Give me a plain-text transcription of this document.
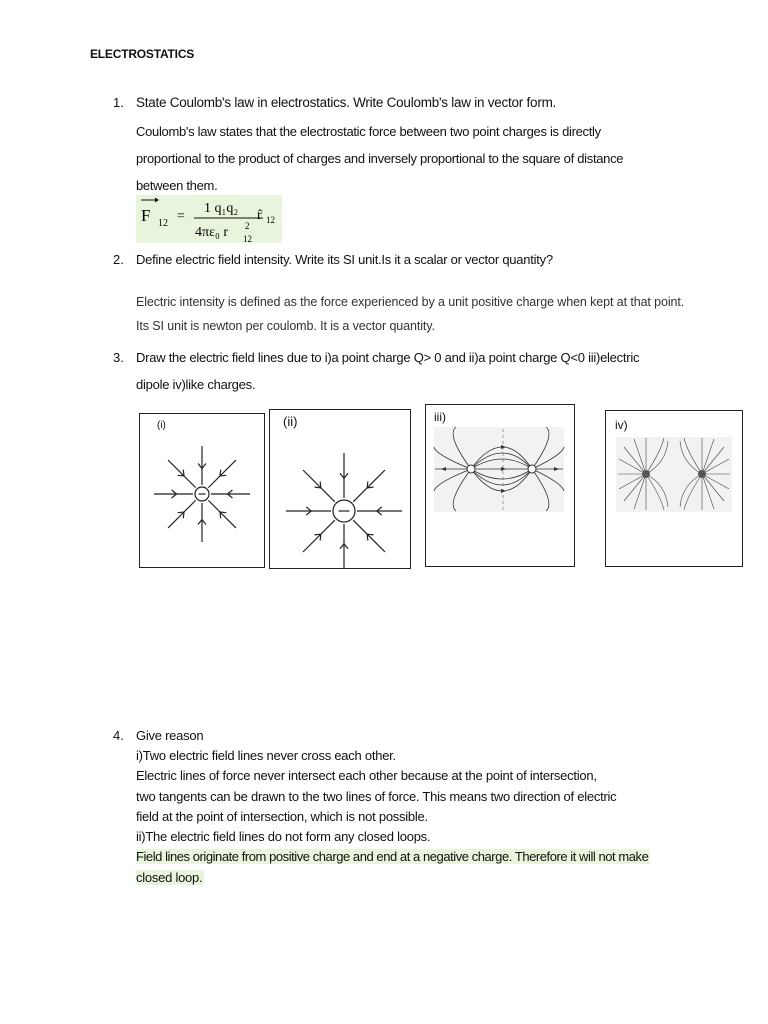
ELECTROSTATICS
1. State Coulomb's law in electrostatics. Write Coulomb's law in vector form.
Coulomb's law states that the electrostatic force between two point charges is directly
proportional to the product of charges and inversely proportional to the square of distance
between them.
F 12 =
1 q₁q₂
4πε₀ r 2
12
r̂ 12
2. Define electric field intensity. Write its SI unit.Is it a scalar or vector quantity?
Electric intensity is defined as the force experienced by a unit positive charge when kept at that point.
Its SI unit is newton per coulomb. It is a vector quantity.
3. Draw the electric field lines due to i)a point charge Q> 0 and ii)a point charge Q<0 iii)electric
dipole iv)like charges.
(i)	(ii)	iii)
iv)
4. Give reason
i)Two electric field lines never cross each other.
Electric lines of force never intersect each other because at the point of intersection,
two tangents can be drawn to the two lines of force. This means two direction of electric
field at the point of intersection, which is not possible.
ii)The electric field lines do not form any closed loops.
Field lines originate from positive charge and end at a negative charge. Therefore it will not make
closed loop.
